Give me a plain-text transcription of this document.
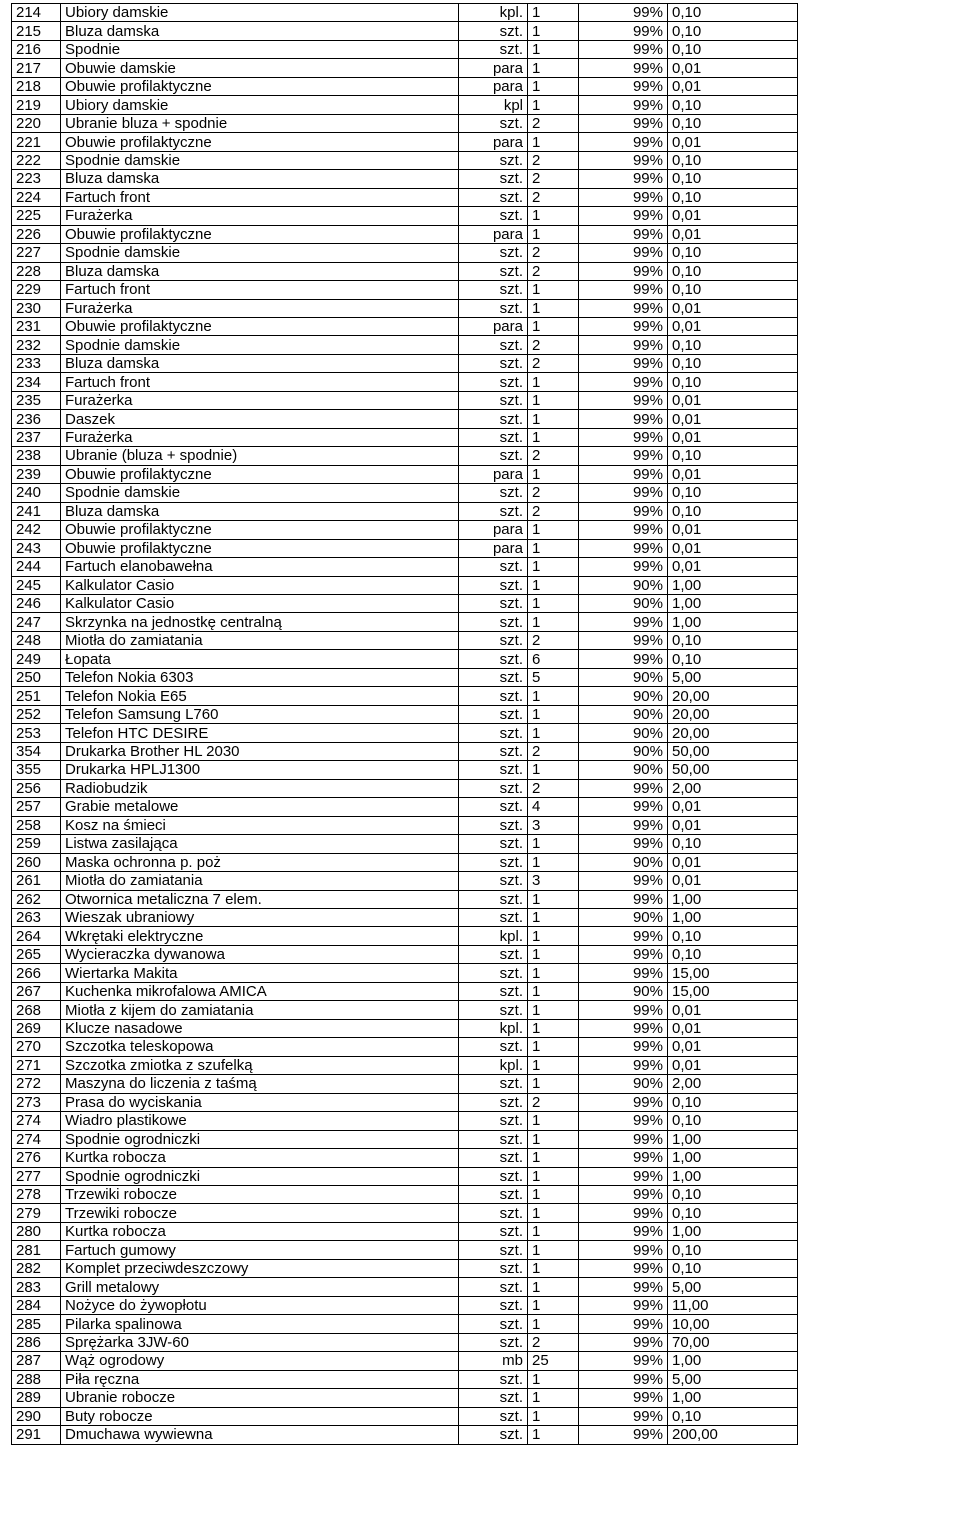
214	Ubiory damskie	kpl.	1	99%	0,10
215	Bluza damska	szt.	1	99%	0,10
216	Spodnie	szt.	1	99%	0,10
217	Obuwie damskie	para	1	99%	0,01
218	Obuwie profilaktyczne	para	1	99%	0,01
219	Ubiory damskie	kpl	1	99%	0,10
220	Ubranie bluza + spodnie	szt.	2	99%	0,10
221	Obuwie profilaktyczne	para	1	99%	0,01
222	Spodnie damskie	szt.	2	99%	0,10
223	Bluza damska	szt.	2	99%	0,10
224	Fartuch front	szt.	2	99%	0,10
225	Furażerka	szt.	1	99%	0,01
226	Obuwie profilaktyczne	para	1	99%	0,01
227	Spodnie damskie	szt.	2	99%	0,10
228	Bluza damska	szt.	2	99%	0,10
229	Fartuch front	szt.	1	99%	0,10
230	Furażerka	szt.	1	99%	0,01
231	Obuwie profilaktyczne	para	1	99%	0,01
232	Spodnie damskie	szt.	2	99%	0,10
233	Bluza damska	szt.	2	99%	0,10
234	Fartuch front	szt.	1	99%	0,10
235	Furażerka	szt.	1	99%	0,01
236	Daszek	szt.	1	99%	0,01
237	Furażerka	szt.	1	99%	0,01
238	Ubranie (bluza + spodnie)	szt.	2	99%	0,10
239	Obuwie profilaktyczne	para	1	99%	0,01
240	Spodnie damskie	szt.	2	99%	0,10
241	Bluza damska	szt.	2	99%	0,10
242	Obuwie profilaktyczne	para	1	99%	0,01
243	Obuwie profilaktyczne	para	1	99%	0,01
244	Fartuch elanobawełna	szt.	1	99%	0,01
245	Kalkulator Casio	szt.	1	90%	1,00
246	Kalkulator Casio	szt.	1	90%	1,00
247	Skrzynka na jednostkę centralną	szt.	1	99%	1,00
248	Miotła do zamiatania	szt.	2	99%	0,10
249	Łopata	szt.	6	99%	0,10
250	Telefon Nokia 6303	szt.	5	90%	5,00
251	Telefon Nokia E65	szt.	1	90%	20,00
252	Telefon Samsung L760	szt.	1	90%	20,00
253	Telefon HTC DESIRE	szt.	1	90%	20,00
354	Drukarka Brother HL 2030	szt.	2	90%	50,00
355	Drukarka HPLJ1300	szt.	1	90%	50,00
256	Radiobudzik	szt.	2	99%	2,00
257	Grabie metalowe	szt.	4	99%	0,01
258	Kosz na śmieci	szt.	3	99%	0,01
259	Listwa zasilająca	szt.	1	99%	0,10
260	Maska ochronna p. poż	szt.	1	90%	0,01
261	Miotła do zamiatania	szt.	3	99%	0,01
262	Otwornica metaliczna 7 elem.	szt.	1	99%	1,00
263	Wieszak ubraniowy	szt.	1	90%	1,00
264	Wkrętaki elektryczne	kpl.	1	99%	0,10
265	Wycieraczka dywanowa	szt.	1	99%	0,10
266	Wiertarka Makita	szt.	1	99%	15,00
267	Kuchenka mikrofalowa AMICA	szt.	1	90%	15,00
268	Miotła z kijem do zamiatania	szt.	1	99%	0,01
269	Klucze nasadowe	kpl.	1	99%	0,01
270	Szczotka teleskopowa	szt.	1	99%	0,01
271	Szczotka zmiotka z szufelką	kpl.	1	99%	0,01
272	Maszyna do liczenia z taśmą	szt.	1	90%	2,00
273	Prasa do wyciskania	szt.	2	99%	0,10
274	Wiadro plastikowe	szt.	1	99%	0,10
274	Spodnie ogrodniczki	szt.	1	99%	1,00
276	Kurtka robocza	szt.	1	99%	1,00
277	Spodnie ogrodniczki	szt.	1	99%	1,00
278	Trzewiki robocze	szt.	1	99%	0,10
279	Trzewiki robocze	szt.	1	99%	0,10
280	Kurtka robocza	szt.	1	99%	1,00
281	Fartuch gumowy	szt.	1	99%	0,10
282	Komplet przeciwdeszczowy	szt.	1	99%	0,10
283	Grill metalowy	szt.	1	99%	5,00
284	Nożyce do żywopłotu	szt.	1	99%	11,00
285	Pilarka spalinowa	szt.	1	99%	10,00
286	Sprężarka 3JW-60	szt.	2	99%	70,00
287	Wąż ogrodowy	mb	25	99%	1,00
288	Piła ręczna	szt.	1	99%	5,00
289	Ubranie robocze	szt.	1	99%	1,00
290	Buty robocze	szt.	1	99%	0,10
291	Dmuchawa wywiewna	szt.	1	99%	200,00
